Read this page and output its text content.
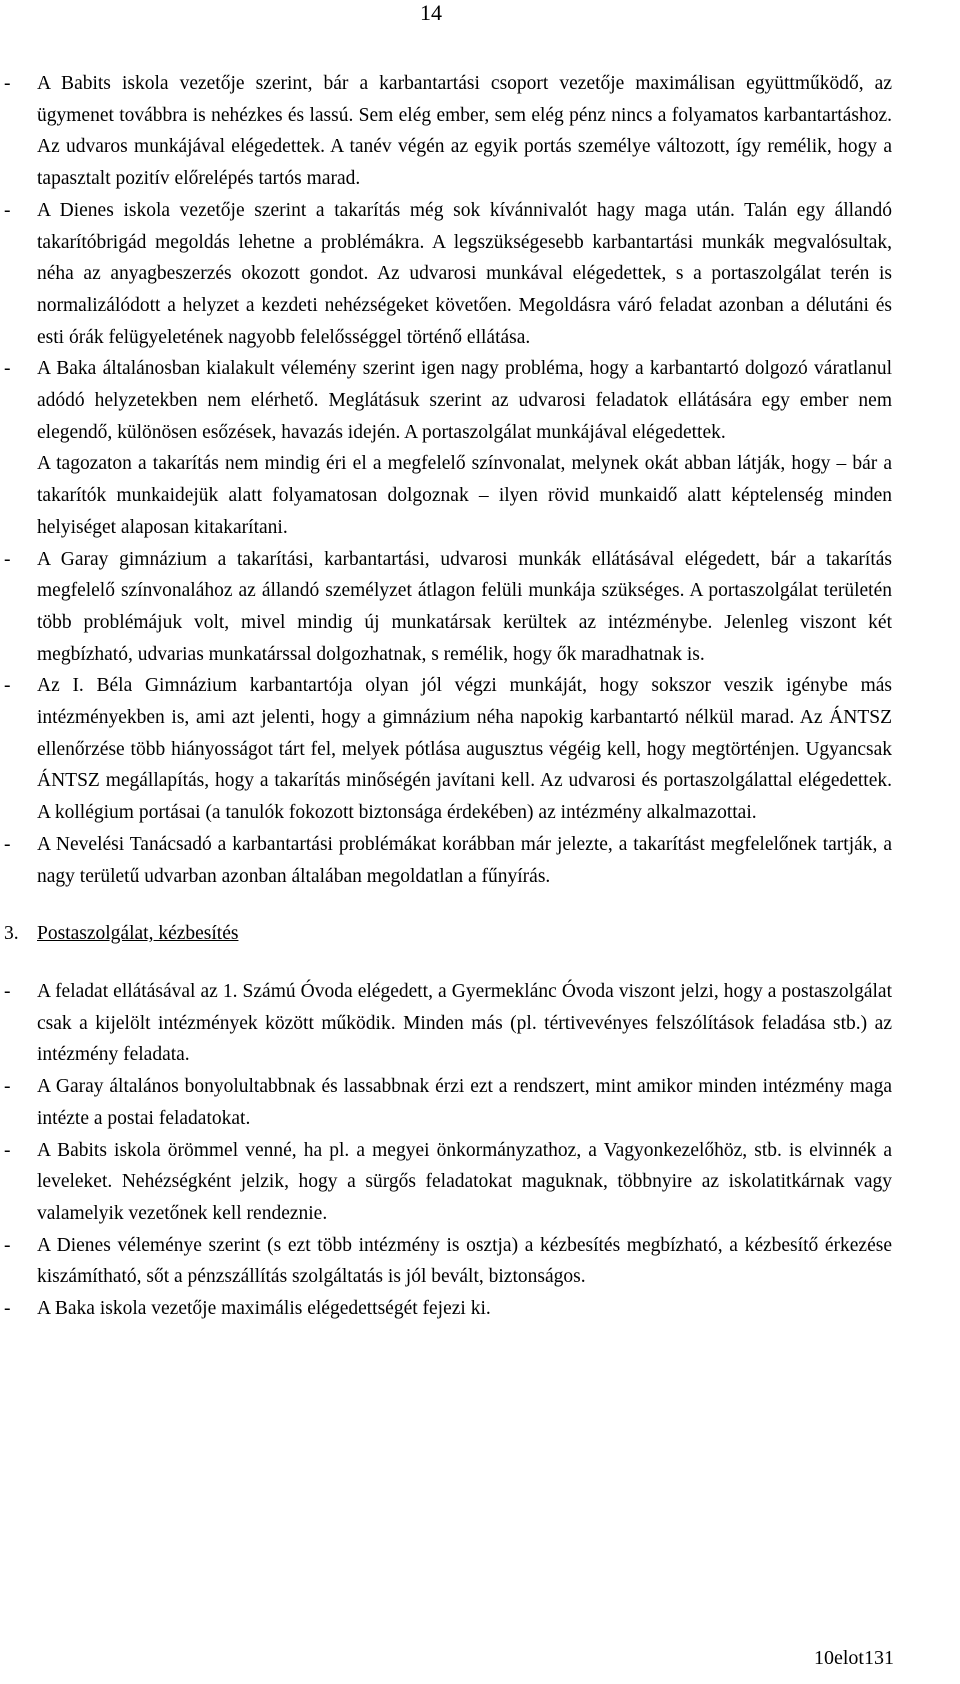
14
- A Babits iskola vezetője szerint, bár a karbantartási csoport vezetője maximálisan együttműködő, az ügymenet továbbra is nehézkes és lassú. Sem elég ember, sem elég pénz nincs a folyamatos karbantartáshoz. Az udvaros munkájával elégedettek. A tanév végén az egyik portás személye változott, így remélik, hogy a tapasztalt pozitív előrelépés tartós marad.
- A Dienes iskola vezetője szerint a takarítás még sok kívánnivalót hagy maga után. Talán egy állandó takarítóbrigád megoldás lehetne a problémákra. A legszükségesebb karbantartási munkák megvalósultak, néha az anyagbeszerzés okozott gondot. Az udvarosi munkával elégedettek, s a portaszolgálat terén is normalizálódott a helyzet a kezdeti nehézségeket követően. Megoldásra váró feladat azonban a délutáni és esti órák felügyeletének nagyobb felelősséggel történő ellátása.
- A Baka általánosban kialakult vélemény szerint igen nagy probléma, hogy a karbantartó dolgozó váratlanul adódó helyzetekben nem elérhető. Meglátásuk szerint az udvarosi feladatok ellátására egy ember nem elegendő, különösen esőzések, havazás idején. A portaszolgálat munkájával elégedettek.
A tagozaton a takarítás nem mindig éri el a megfelelő színvonalat, melynek okát abban látják, hogy – bár a takarítók munkaidejük alatt folyamatosan dolgoznak – ilyen rövid munkaidő alatt képtelenség minden helyiséget alaposan kitakarítani.
- A Garay gimnázium a takarítási, karbantartási, udvarosi munkák ellátásával elégedett, bár a takarítás megfelelő színvonalához az állandó személyzet átlagon felüli munkája szükséges. A portaszolgálat területén több problémájuk volt, mivel mindig új munkatársak kerültek az intézménybe. Jelenleg viszont két megbízható, udvarias munkatárssal dolgozhatnak, s remélik, hogy ők maradhatnak is.
- Az I. Béla Gimnázium karbantartója olyan jól végzi munkáját, hogy sokszor veszik igénybe más intézményekben is, ami azt jelenti, hogy a gimnázium néha napokig karbantartó nélkül marad. Az ÁNTSZ ellenőrzése több hiányosságot tárt fel, melyek pótlása augusztus végéig kell, hogy megtörténjen. Ugyancsak ÁNTSZ megállapítás, hogy a takarítás minőségén javítani kell. Az udvarosi és portaszolgálattal elégedettek. A kollégium portásai (a tanulók fokozott biztonsága érdekében) az intézmény alkalmazottai.
- A Nevelési Tanácsadó a karbantartási problémákat korábban már jelezte, a takarítást megfelelőnek tartják, a nagy területű udvarban azonban általában megoldatlan a fűnyírás.
3. Postaszolgálat, kézbesítés
- A feladat ellátásával az 1. Számú Óvoda elégedett, a Gyermeklánc Óvoda viszont jelzi, hogy a postaszolgálat csak a kijelölt intézmények között működik. Minden más (pl. tértivevényes felszólítások feladása stb.) az intézmény feladata.
- A Garay általános bonyolultabbnak és lassabbnak érzi ezt a rendszert, mint amikor minden intézmény maga intézte a postai feladatokat.
- A Babits iskola örömmel venné, ha pl. a megyei önkormányzathoz, a Vagyonkezelőhöz, stb. is elvinnék a leveleket. Nehézségként jelzik, hogy a sürgős feladatokat maguknak, többnyire az iskolatitkárnak vagy valamelyik vezetőnek kell rendeznie.
- A Dienes véleménye szerint (s ezt több intézmény is osztja) a kézbesítés megbízható, a kézbesítő érkezése kiszámítható, sőt a pénzszállítás szolgáltatás is jól bevált, biztonságos.
- A Baka iskola vezetője maximális elégedettségét fejezi ki.
10elot131
